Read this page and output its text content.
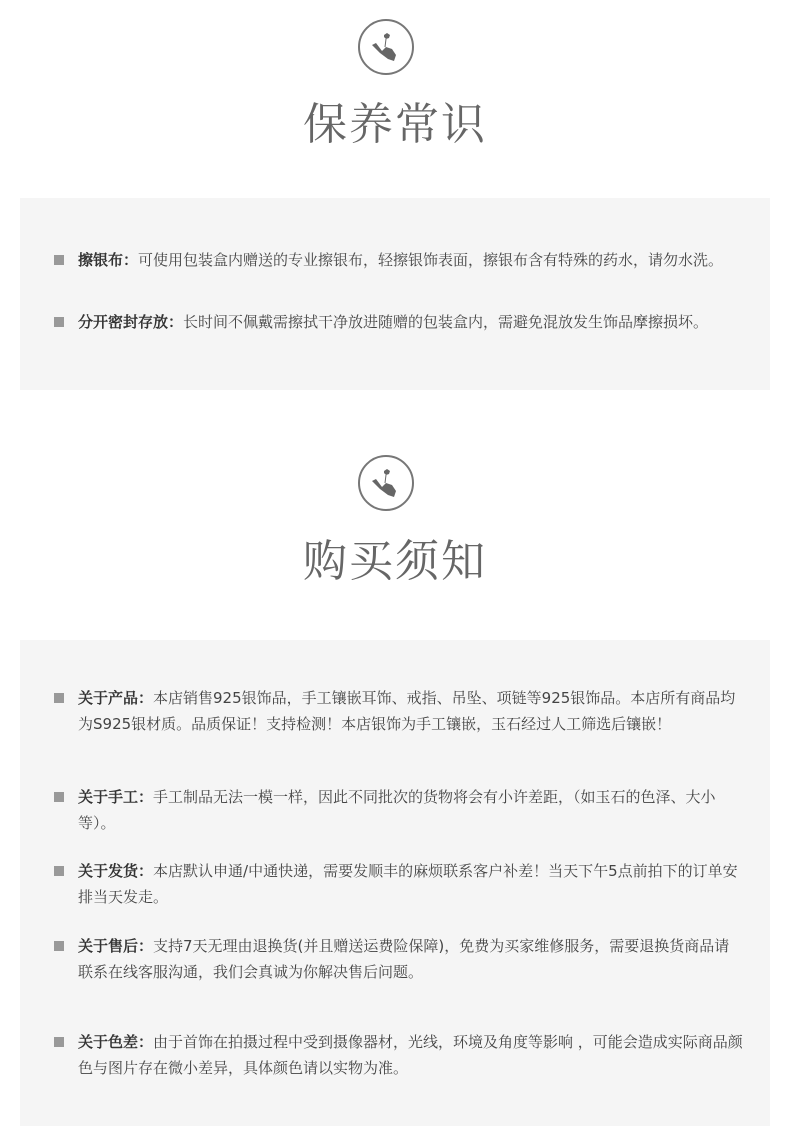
保养常识
擦银布：可使用包装盒内赠送的专业擦银布，轻擦银饰表面，擦银布含有特殊的药水，请勿水洗。
分开密封存放：长时间不佩戴需擦拭干净放进随赠的包装盒内，需避免混放发生饰品摩擦损坏。
购买须知
关于产品：本店销售925银饰品，手工镶嵌耳饰、戒指、吊坠、项链等925银饰品。本店所有商品均为S925银材质。品质保证！支持检测！本店银饰为手工镶嵌，玉石经过人工筛选后镶嵌！
关于手工：手工制品无法一模一样，因此不同批次的货物将会有小许差距，（如玉石的色泽、大小等）。
关于发货：本店默认申通/中通快递，需要发顺丰的麻烦联系客户补差！当天下午5点前拍下的订单安排当天发走。
关于售后：支持7天无理由退换货(并且赠送运费险保障)，免费为买家维修服务，需要退换货商品请联系在线客服沟通，我们会真诚为你解决售后问题。
关于色差：由于首饰在拍摄过程中受到摄像器材，光线，环境及角度等影响 ，可能会造成实际商品颜色与图片存在微小差异，具体颜色请以实物为准。
